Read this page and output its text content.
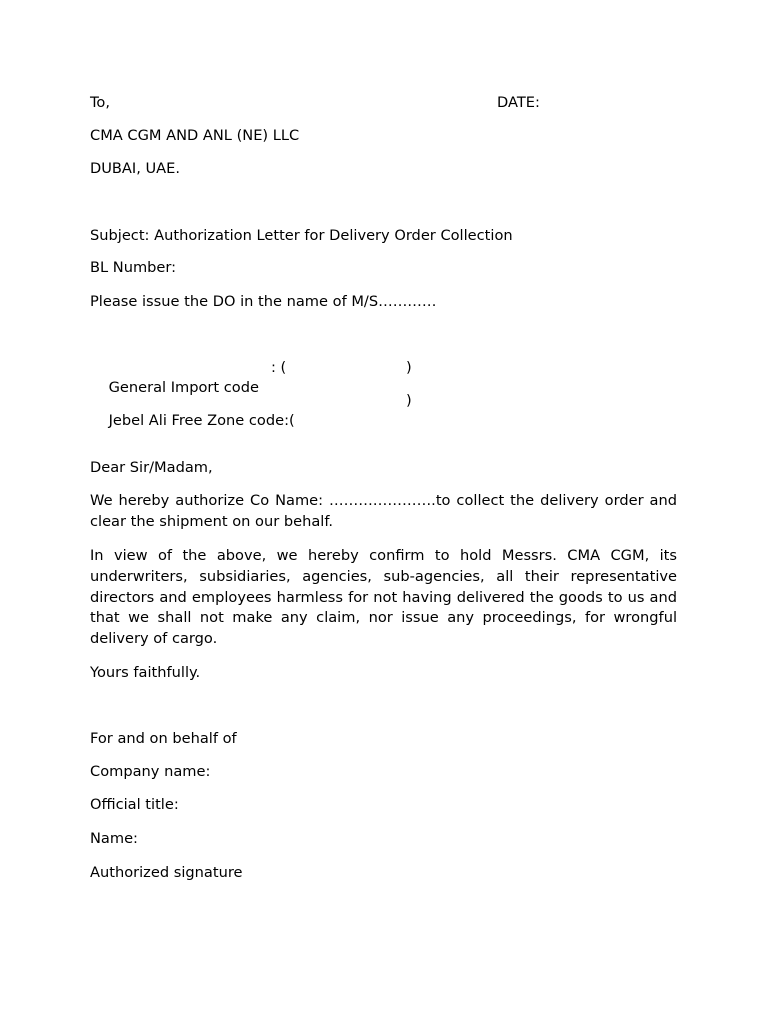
To,	DATE:
CMA CGM AND ANL (NE) LLC
DUBAI, UAE.
Subject: Authorization Letter for Delivery Order Collection
BL Number:
Please issue the DO in the name of M/S…………

General Import code

: (

	)

Jebel Ali Free Zone code:(

)

Dear Sir/Madam,
We hereby authorize Co Name: ………………….to collect the delivery order and clear the shipment on our behalf.
In view of the above, we hereby confirm to hold Messrs. CMA CGM, its underwriters, subsidiaries, agencies, sub-agencies, all their representative directors and employees harmless for not having delivered the goods to us and that we shall not make any claim, nor issue any proceedings, for wrongful delivery of cargo.
Yours faithfully.
For and on behalf of
Company name:
Official title:
Name:
Authorized signature
